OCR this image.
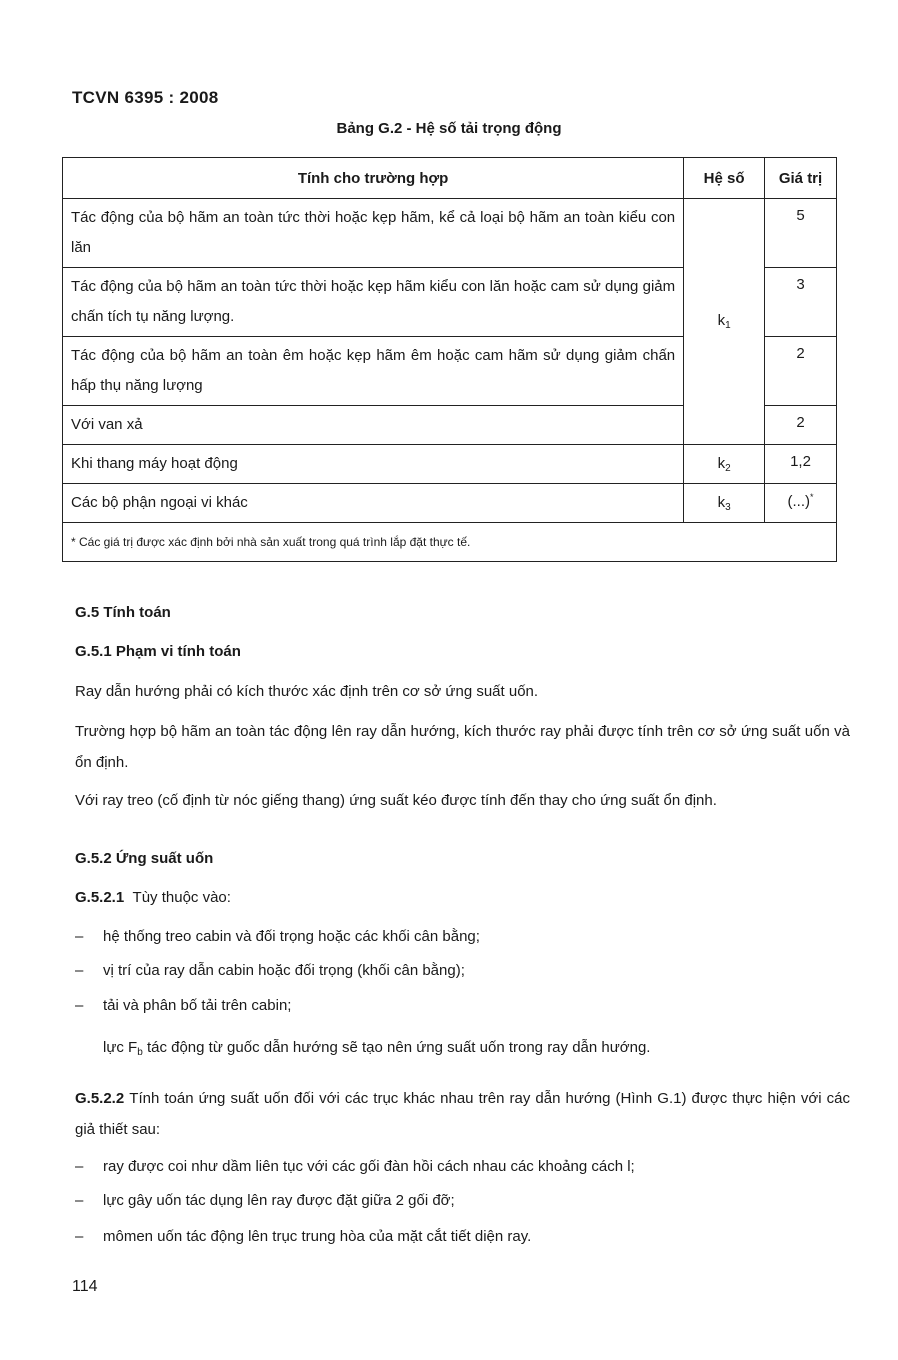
TCVN 6395 : 2008
Bảng G.2 - Hệ số tải trọng động
Tính cho trường hợp	Hệ số	Giá trị
Tác động của bộ hãm an toàn tức thời hoặc kẹp hãm, kể cả loại bộ hãm an toàn kiểu con lăn	$k_1$	5
Tác động của bộ hãm an toàn tức thời hoặc kẹp hãm kiểu con lăn hoặc cam sử dụng giảm chấn tích tụ năng lượng.		3
Tác động của bộ hãm an toàn êm hoặc kẹp hãm êm hoặc cam hãm sử dụng giảm chấn hấp thụ năng lượng		2
Với van xả		2
Khi thang máy hoạt động	$k_2$	1,2
Các bộ phận ngoại vi khác	$k_3$	(...)*
* Các giá trị được xác định bởi nhà sản xuất trong quá trình lắp đặt thực tế.		
G.5 Tính toán
G.5.1 Phạm vi tính toán
Ray dẫn hướng phải có kích thước xác định trên cơ sở ứng suất uốn.
Trường hợp bộ hãm an toàn tác động lên ray dẫn hướng, kích thước ray phải được tính trên cơ sở ứng suất uốn và ổn định.
Với ray treo (cố định từ nóc giếng thang) ứng suất kéo được tính đến thay cho ứng suất ổn định.
G.5.2 Ứng suất uốn
G.5.2.1 Tùy thuộc vào:
– hệ thống treo cabin và đối trọng hoặc các khối cân bằng;
– vị trí của ray dẫn cabin hoặc đối trọng (khối cân bằng);
– tải và phân bố tải trên cabin;
lực $F_b$ tác động từ guốc dẫn hướng sẽ tạo nên ứng suất uốn trong ray dẫn hướng.
G.5.2.2 Tính toán ứng suất uốn đối với các trục khác nhau trên ray dẫn hướng (Hình G.1) được thực hiện với các giả thiết sau:
– ray được coi như dầm liên tục với các gối đàn hồi cách nhau các khoảng cách l;
– lực gây uốn tác dụng lên ray được đặt giữa 2 gối đỡ;
– mômen uốn tác động lên trục trung hòa của mặt cắt tiết diện ray.
114
